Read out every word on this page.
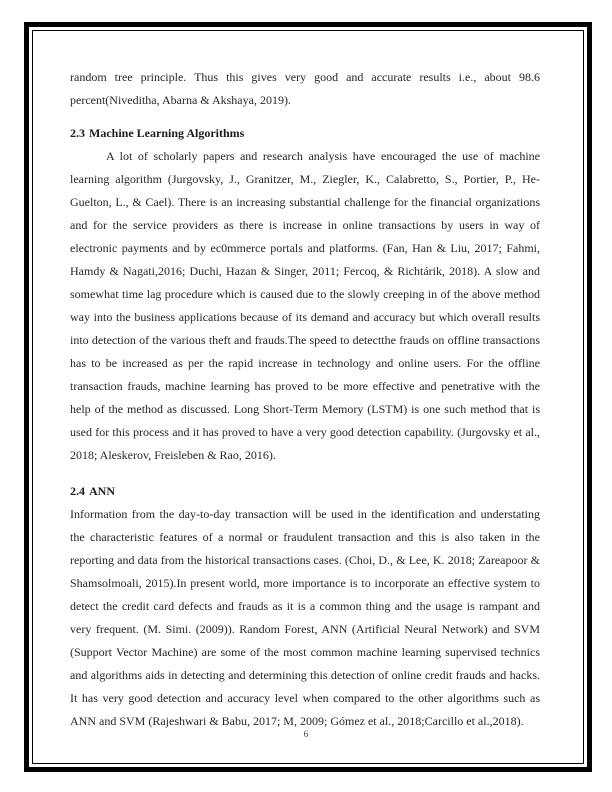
random tree principle. Thus this gives very good and accurate results i.e., about 98.6 percent(Niveditha, Abarna & Akshaya, 2019).

2.3 Machine Learning Algorithms

A lot of scholarly papers and research analysis have encouraged the use of machine learning algorithm (Jurgovsky, J., Granitzer, M., Ziegler, K., Calabretto, S., Portier, P., He-Guelton, L., & Cael). There is an increasing substantial challenge for the financial organizations and for the service providers as there is increase in online transactions by users in way of electronic payments and by ec0mmerce portals and platforms. (Fan, Han & Liu, 2017; Fahmi, Hamdy & Nagati,2016; Duchi, Hazan & Singer, 2011; Fercoq, & Richtárik, 2018). A slow and somewhat time lag procedure which is caused due to the slowly creeping in of the above method way into the business applications because of its demand and accuracy but which overall results into detection of the various theft and frauds.The speed to detectthe frauds on offline transactions has to be increased as per the rapid increase in technology and online users. For the offline transaction frauds, machine learning has proved to be more effective and penetrative with the help of the method as discussed. Long Short-Term Memory (LSTM) is one such method that is used for this process and it has proved to have a very good detection capability. (Jurgovsky et al., 2018; Aleskerov, Freisleben & Rao, 2016).

2.4 ANN

Information from the day-to-day transaction will be used in the identification and understating the characteristic features of a normal or fraudulent transaction and this is also taken in the reporting and data from the historical transactions cases. (Choi, D., & Lee, K. 2018; Zareapoor & Shamsolmoali, 2015).In present world, more importance is to incorporate an effective system to detect the credit card defects and frauds as it is a common thing and the usage is rampant and very frequent. (M. Simi. (2009)). Random Forest, ANN (Artificial Neural Network) and SVM (Support Vector Machine) are some of the most common machine learning supervised technics and algorithms aids in detecting and determining this detection of online credit frauds and hacks. It has very good detection and accuracy level when compared to the other algorithms such as ANN and SVM (Rajeshwari & Babu, 2017; M, 2009; Gómez et al., 2018;Carcillo et al.,2018).

6
